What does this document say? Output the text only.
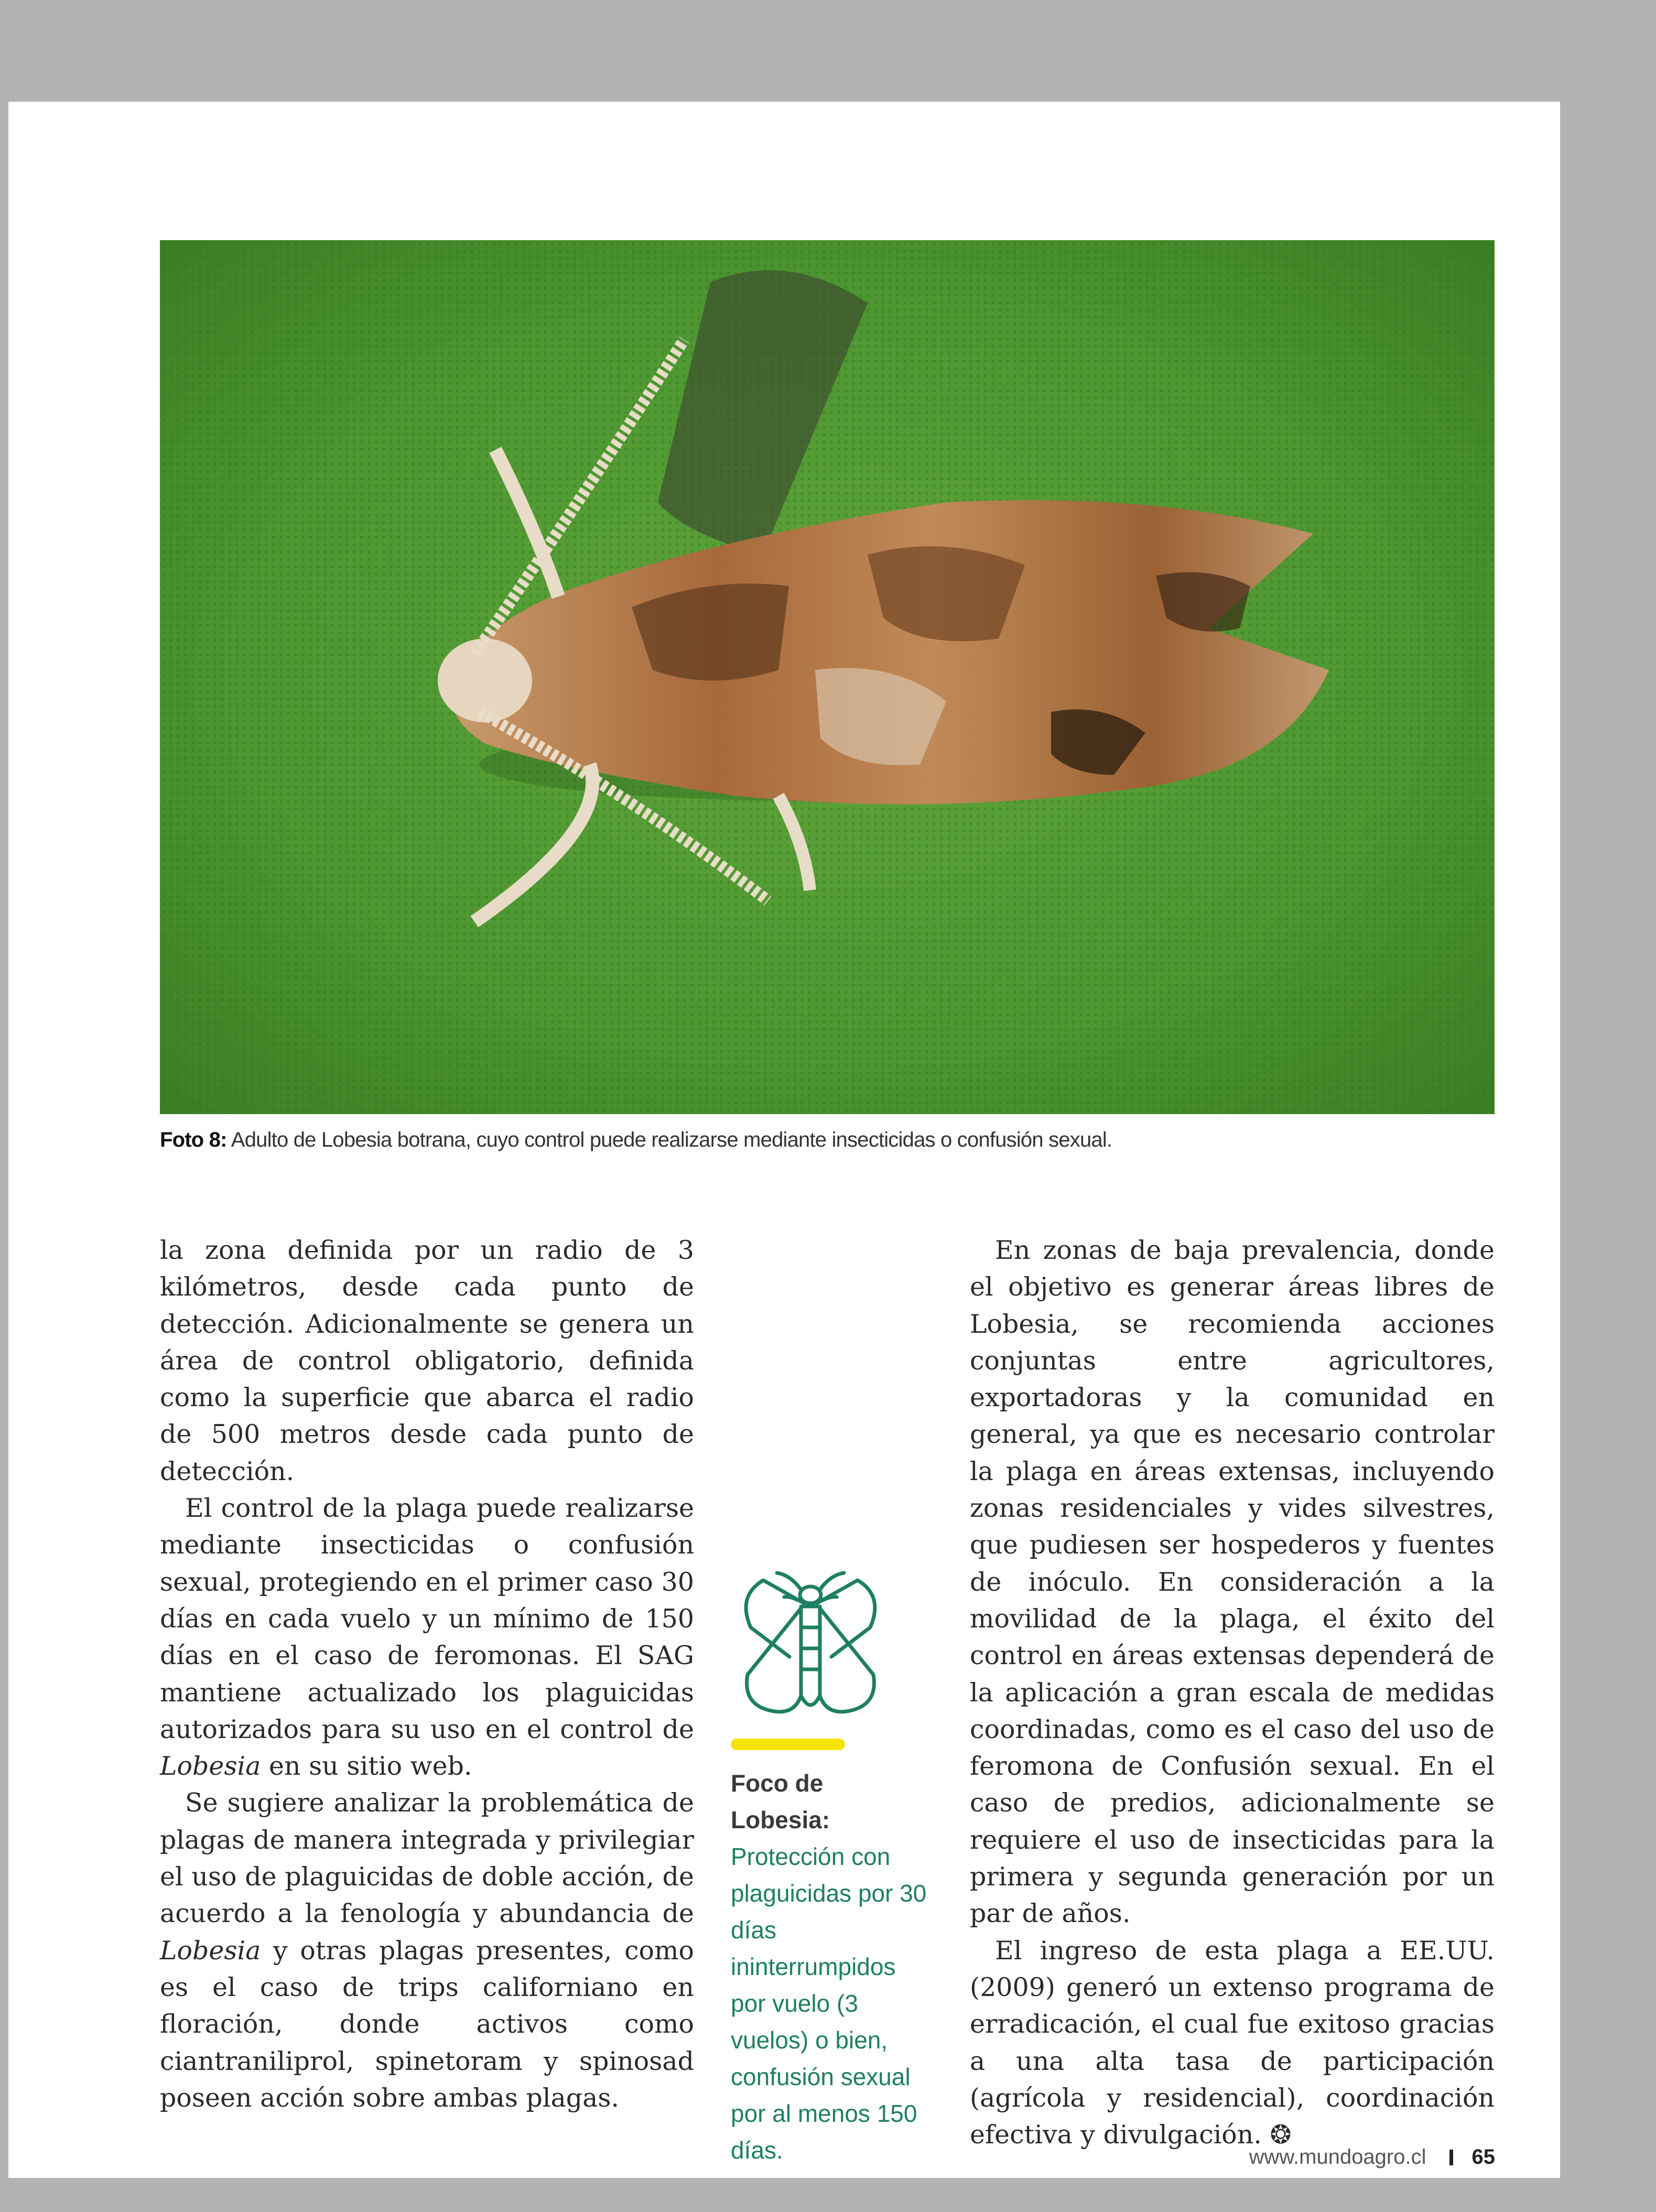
Foto 8: Adulto de Lobesia botrana, cuyo control puede realizarse mediante insecticidas o confusión sexual.

la zona definida por un radio de 3 kilómetros, desde cada punto de detección. Adicionalmente se genera un área de control obligatorio, definida como la superficie que abarca el radio de 500 metros desde cada punto de detección.

El control de la plaga puede realizarse mediante insecticidas o confusión sexual, protegiendo en el primer caso 30 días en cada vuelo y un mínimo de 150 días en el caso de feromonas. El SAG mantiene actualizado los plaguicidas autorizados para su uso en el control de Lobesia en su sitio web.

Se sugiere analizar la problemática de plagas de manera integrada y privilegiar el uso de plaguicidas de doble acción, de acuerdo a la fenología y abundancia de Lobesia y otras plagas presentes, como es el caso de trips californiano en floración, donde activos como ciantraniliprol, spinetoram y spinosad poseen acción sobre ambas plagas.

Foco de Lobesia:
Protección con plaguicidas por 30 días ininterrumpidos por vuelo (3 vuelos) o bien, confusión sexual por al menos 150 días.

En zonas de baja prevalencia, donde el objetivo es generar áreas libres de Lobesia, se recomienda acciones conjuntas entre agricultores, exportadoras y la comunidad en general, ya que es necesario controlar la plaga en áreas extensas, incluyendo zonas residenciales y vides silvestres, que pudiesen ser hospederos y fuentes de inóculo. En consideración a la movilidad de la plaga, el éxito del control en áreas extensas dependerá de la aplicación a gran escala de medidas coordinadas, como es el caso del uso de feromona de Confusión sexual. En el caso de predios, adicionalmente se requiere el uso de insecticidas para la primera y segunda generación por un par de años.

El ingreso de esta plaga a EE.UU. (2009) generó un extenso programa de erradicación, el cual fue exitoso gracias a una alta tasa de participación (agrícola y residencial), coordinación efectiva y divulgación. ❂

www.mundoagro.cl 65
